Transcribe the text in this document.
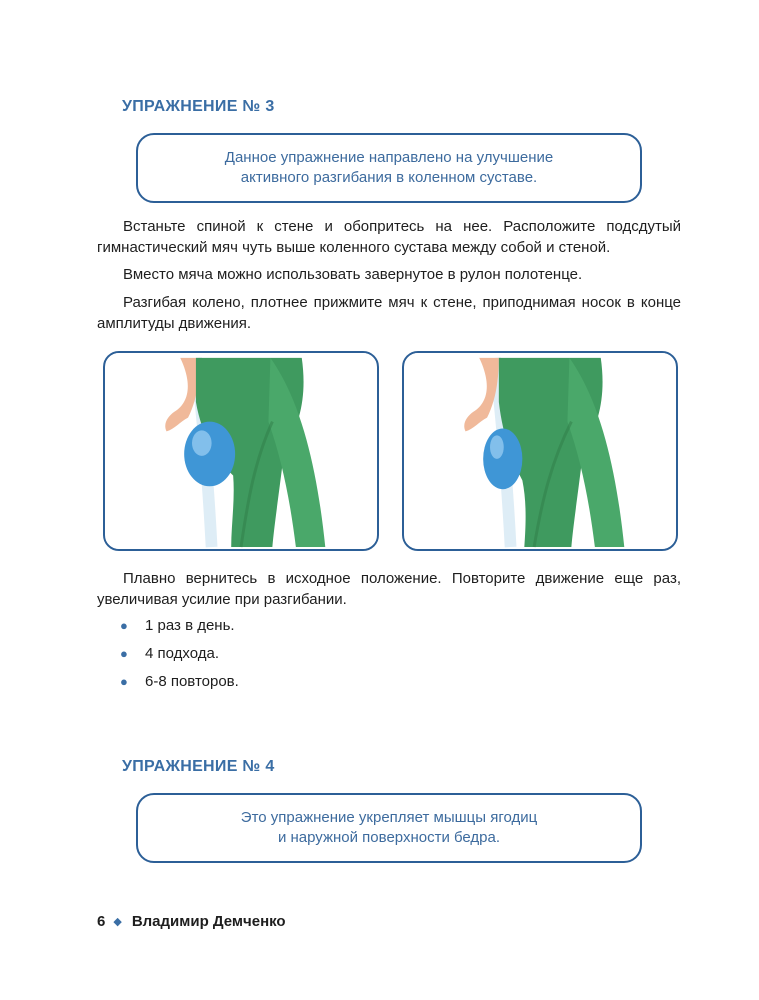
УПРАЖНЕНИЕ № 3
Данное упражнение направлено на улучшение
активного разгибания в коленном суставе.

Встаньте спиной к стене и обопритесь на нее. Расположите подсдутый гимнастический мяч чуть выше коленного сустава между собой и стеной.

Вместо мяча можно использовать завернутое в рулон полотенце.

Разгибая колено, плотнее прижмите мяч к стене, приподнимая носок в конце амплитуды движения.

Плавно вернитесь в исходное положение. Повторите движение еще раз, увеличивая усилие при разгибании.

●	1 раз в день.
●	4 подхода.
●	6-8 повторов.
УПРАЖНЕНИЕ № 4
Это упражнение укрепляет мышцы ягодиц
и наружной поверхности бедра.
6 ◆ Владимир Демченко
